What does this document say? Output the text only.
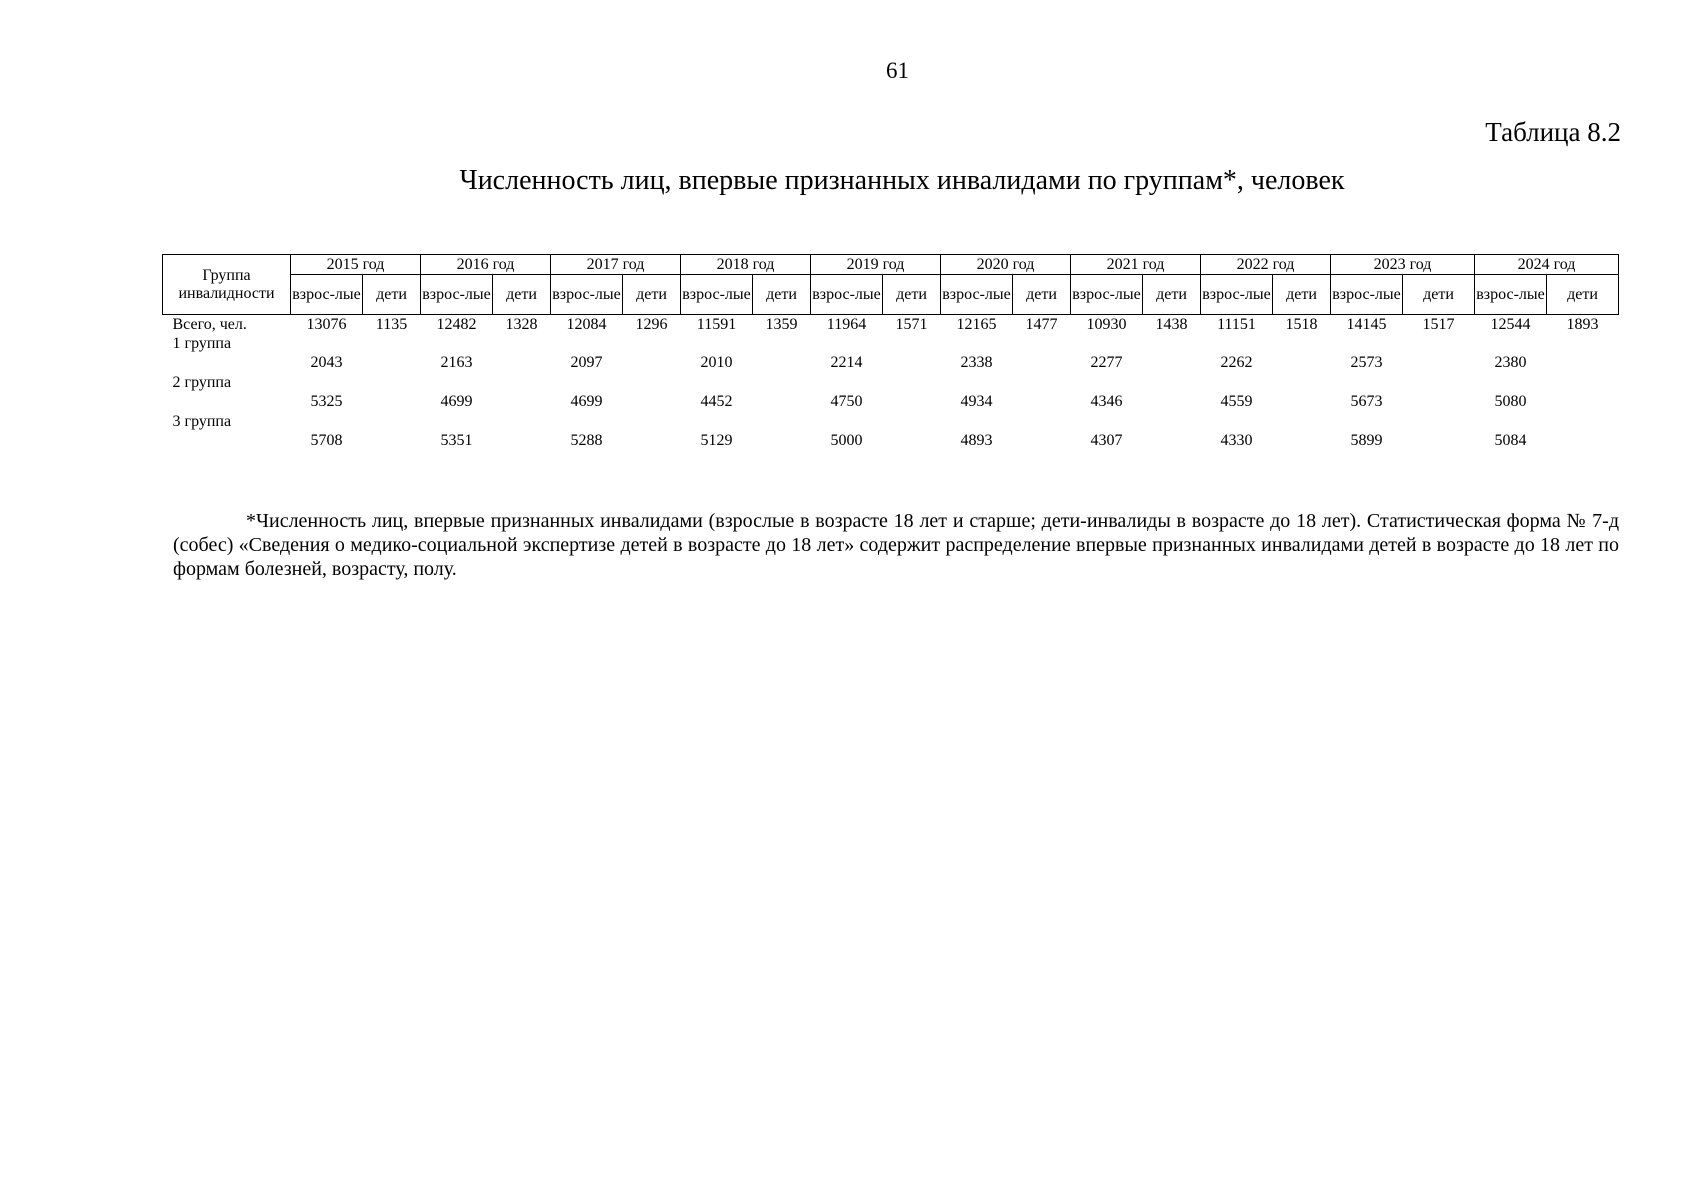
61
Таблица 8.2
Численность лиц, впервые признанных инвалидами по группам*, человек
Группа инвалидности	2015 год		2016 год		2017 год		2018 год		2019 год		2020 год		2021 год		2022 год		2023 год		2024 год	
	взрос-лые	дети	взрос-лые	дети	взрос-лые	дети	взрос-лые	дети	взрос-лые	дети	взрос-лые	дети	взрос-лые	дети	взрос-лые	дети	взрос-лые	дети	взрос-лые	дети
Всего, чел.	13076	1135	12482	1328	12084	1296	11591	1359	11964	1571	12165	1477	10930	1438	11151	1518	14145	1517	12544	1893
1 группа	2043		2163		2097		2010		2214		2338		2277		2262		2573		2380	
2 группа	5325		4699		4699		4452		4750		4934		4346		4559		5673		5080	
3 группа	5708		5351		5288		5129		5000		4893		4307		4330		5899		5084	

*Численность лиц, впервые признанных инвалидами (взрослые в возрасте 18 лет и старше; дети-инвалиды в возрасте до 18 лет). Статистическая форма № 7-д (собес) «Сведения о медико-социальной экспертизе детей в возрасте до 18 лет» содержит распределение впервые признанных инвалидами детей в возрасте до 18 лет по формам болезней, возрасту, полу.
